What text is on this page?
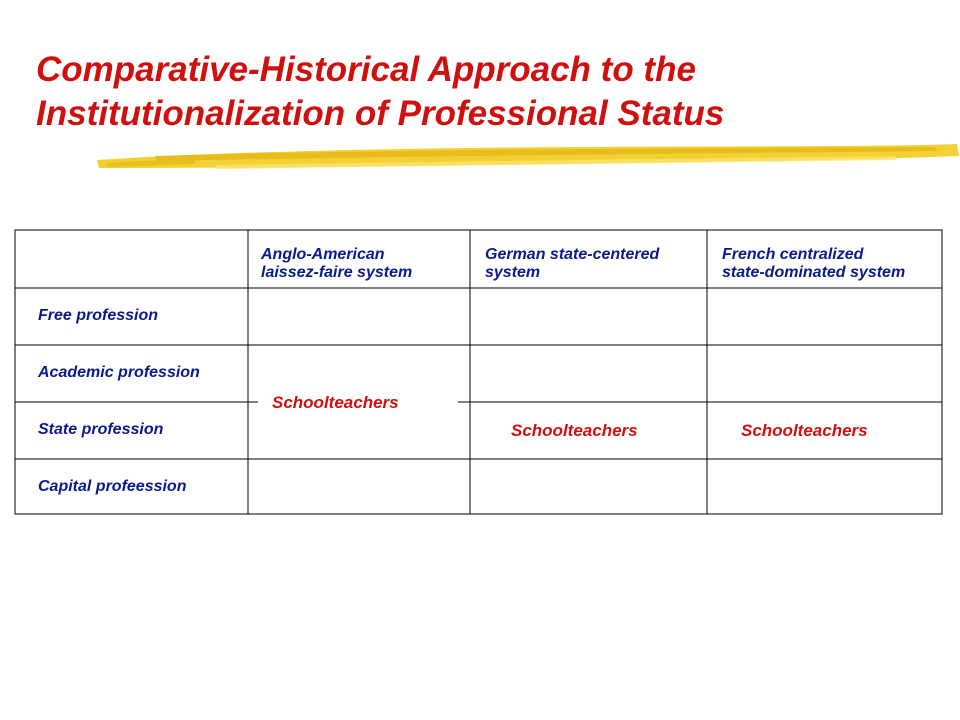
Comparative-Historical Approach to the
Institutionalization of Professional Status
Anglo-American
laissez-faire system
German state-centered
system
French centralized
state-dominated system
Free profession
Academic profession
State profession
Capital profeession
Schoolteachers
Schoolteachers	Schoolteachers
